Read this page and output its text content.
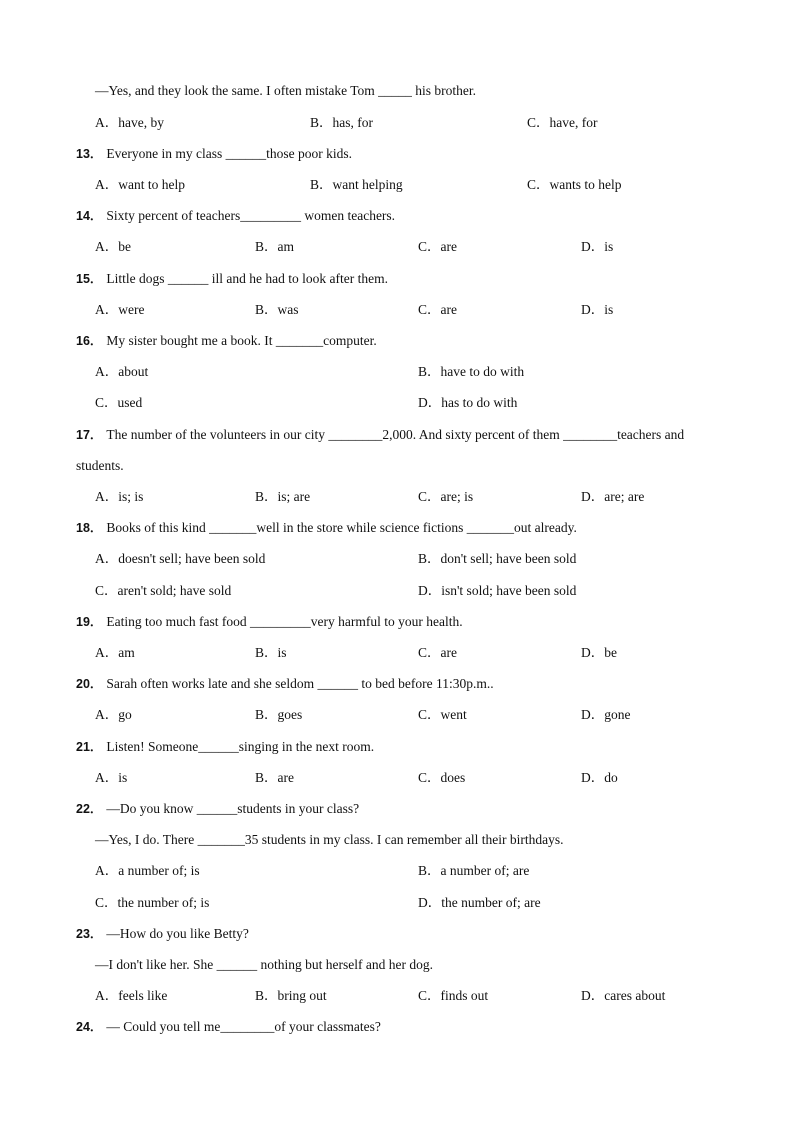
—Yes, and they look the same. I often mistake Tom _____ his brother.
A．have, by	B．has, for	C．have, for
13． Everyone in my class ______those poor kids.
A．want to help	B．want helping	C．wants to help
14． Sixty percent of teachers_________ women teachers.
A．be	B．am	C．are	D．is
15． Little dogs ______ ill and he had to look after them.
A．were	B．was	C．are	D．is
16． My sister bought me a book. It _______computer.
A．about	B．have to do with
C．used	D．has to do with
17． The number of the volunteers in our city ________2,000. And sixty percent of them ________teachers and
students.
A．is; is	B．is; are	C．are; is	D．are; are
18． Books of this kind _______well in the store while science fictions _______out already.
A．doesn't sell; have been sold	B．don't sell; have been sold
C．aren't sold; have sold	D．isn't sold; have been sold
19． Eating too much fast food _________very harmful to your health.
A．am	B．is	C．are	D．be
20． Sarah often works late and she seldom ______ to bed before 11:30p.m..
A．go	B．goes	C．went	D．gone
21． Listen! Someone______singing in the next room.
A．is	B．are	C．does	D．do
22． —Do you know ______students in your class?
—Yes, I do. There _______35 students in my class. I can remember all their birthdays.
A．a number of; is	B．a number of; are
C．the number of; is	D．the number of; are
23． —How do you like Betty?
—I don't like her. She ______ nothing but herself and her dog.
A．feels like	B．bring out	C．finds out	D．cares about
24． — Could you tell me________of your classmates?
